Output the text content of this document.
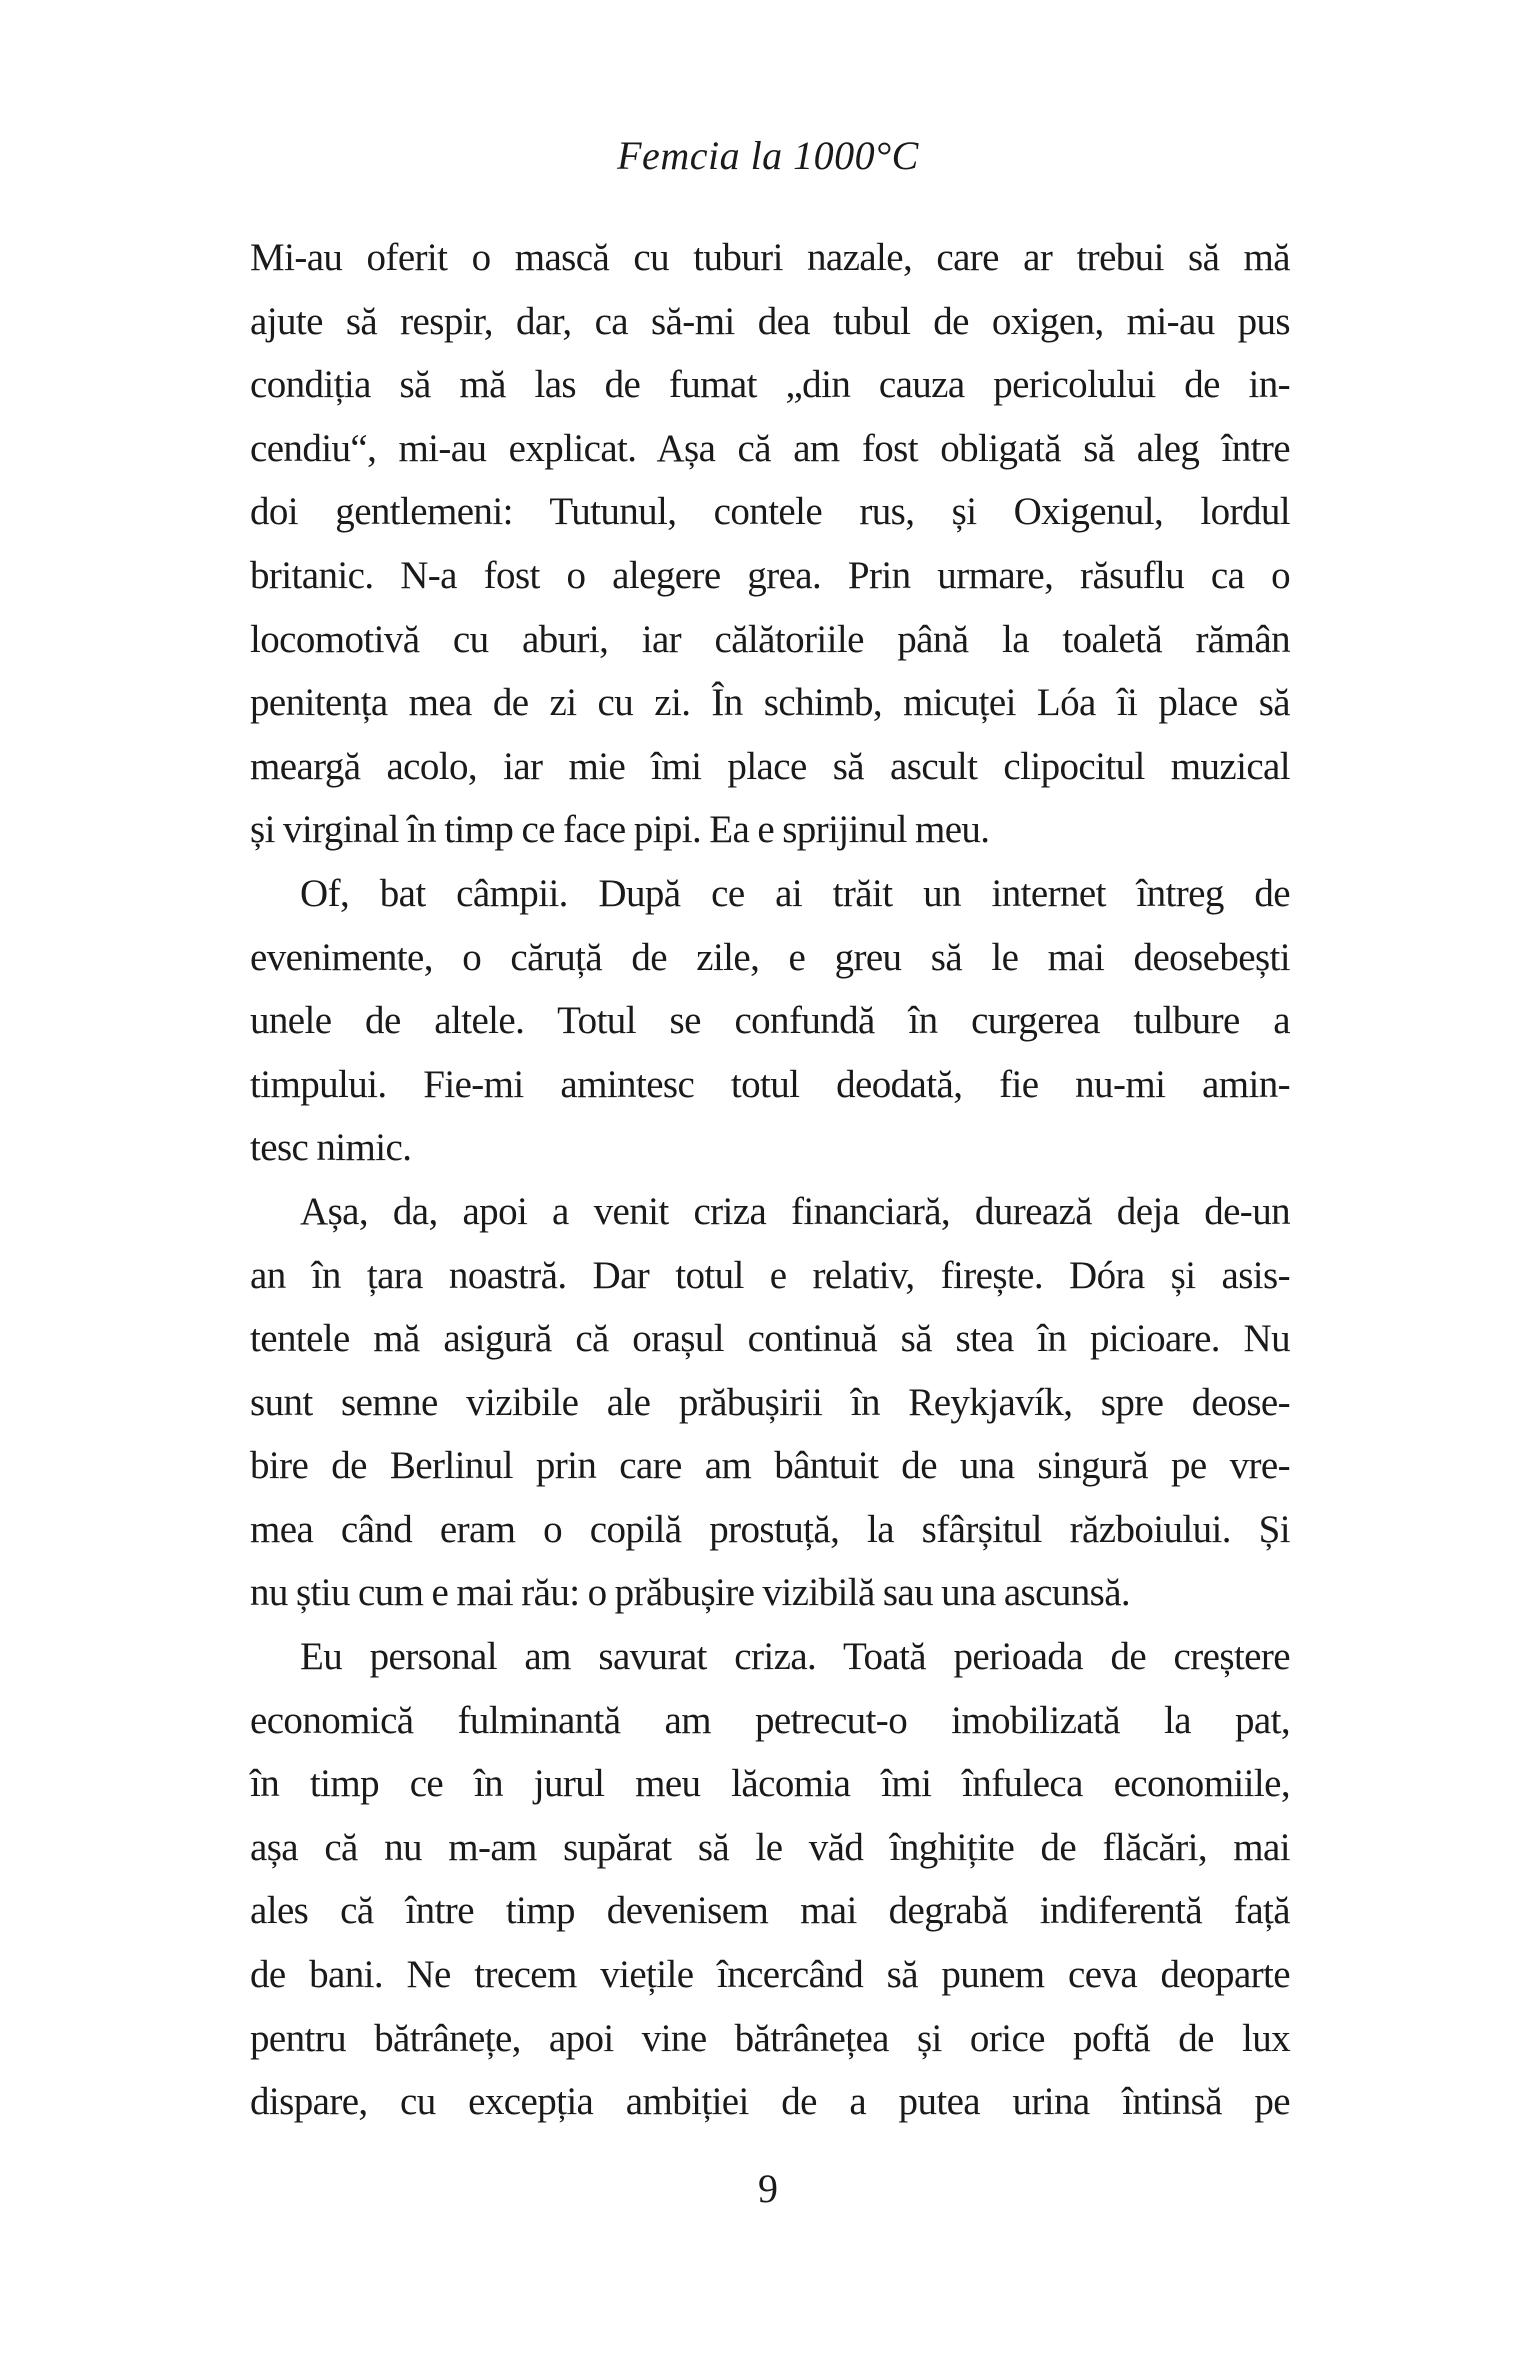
Femcia la 1000°C
Mi-au oferit o mască cu tuburi nazale, care ar trebui să mă
ajute să respir, dar, ca să-mi dea tubul de oxigen, mi-au pus
condiția să mă las de fumat „din cauza pericolului de in-
cendiu“, mi-au explicat. Așa că am fost obligată să aleg între
doi gentlemeni: Tutunul, contele rus, și Oxigenul, lordul
britanic. N-a fost o alegere grea. Prin urmare, răsuflu ca o
locomotivă cu aburi, iar călătoriile până la toaletă rămân
penitența mea de zi cu zi. În schimb, micuței Lóa îi place să
meargă acolo, iar mie îmi place să ascult clipocitul muzical
și virginal în timp ce face pipi. Ea e sprijinul meu.
Of, bat câmpii. După ce ai trăit un internet întreg de
evenimente, o căruță de zile, e greu să le mai deosebești
unele de altele. Totul se confundă în curgerea tulbure a
timpului. Fie-mi amintesc totul deodată, fie nu-mi amin-
tesc nimic.
Așa, da, apoi a venit criza financiară, durează deja de-un
an în țara noastră. Dar totul e relativ, firește. Dóra și asis-
tentele mă asigură că orașul continuă să stea în picioare. Nu
sunt semne vizibile ale prăbușirii în Reykjavík, spre deose-
bire de Berlinul prin care am bântuit de una singură pe vre-
mea când eram o copilă prostuță, la sfârșitul războiului. Și
nu știu cum e mai rău: o prăbușire vizibilă sau una ascunsă.
Eu personal am savurat criza. Toată perioada de creștere
economică fulminantă am petrecut-o imobilizată la pat,
în timp ce în jurul meu lăcomia îmi înfuleca economiile,
așa că nu m-am supărat să le văd înghițite de flăcări, mai
ales că între timp devenisem mai degrabă indiferentă față
de bani. Ne trecem viețile încercând să punem ceva deoparte
pentru bătrânețe, apoi vine bătrânețea și orice poftă de lux
dispare, cu excepția ambiției de a putea urina întinsă pe
9
